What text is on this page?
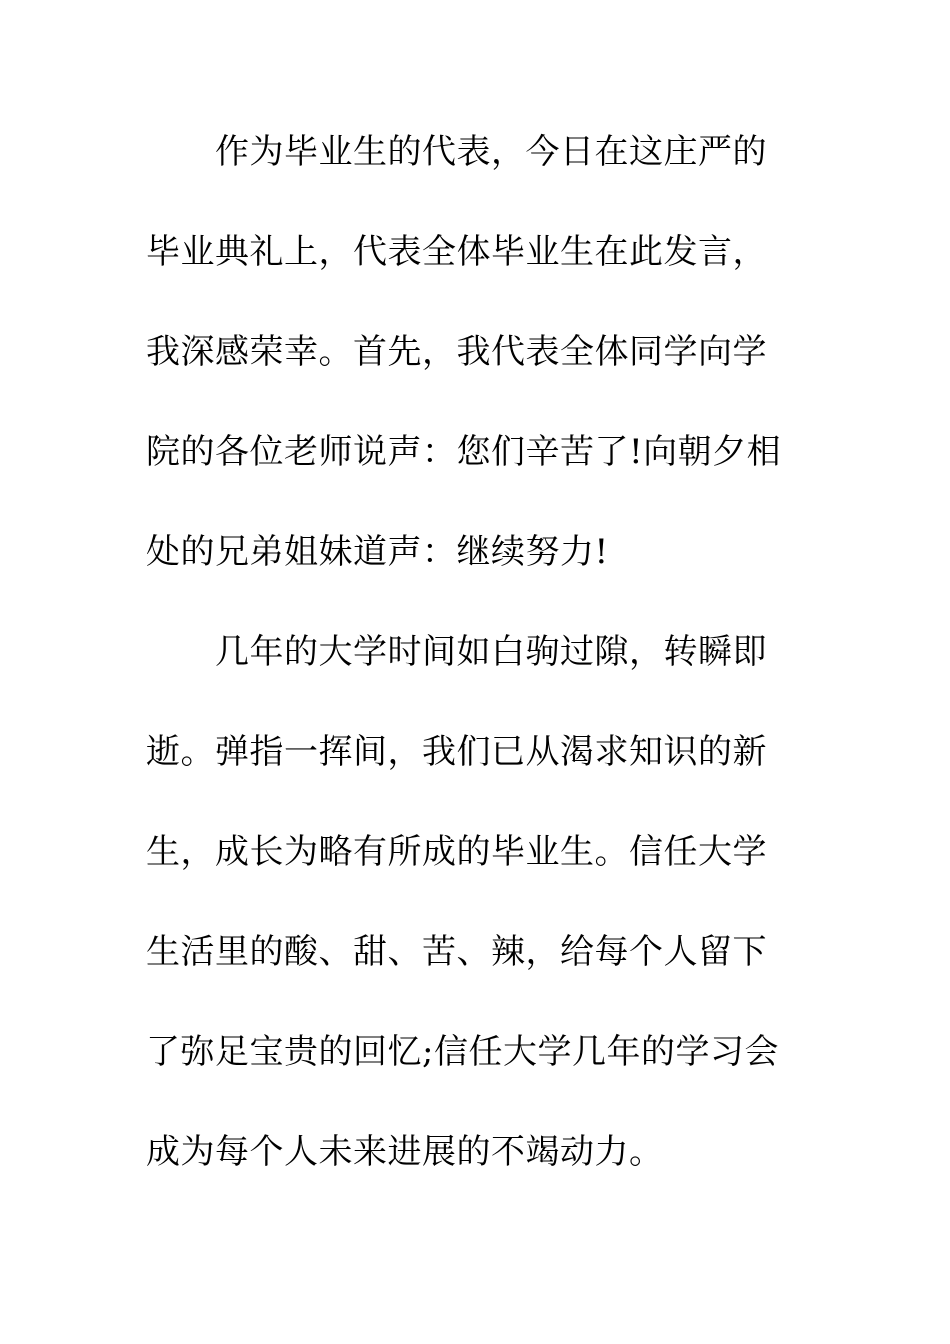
作为毕业生的代表，今日在这庄严的
毕业典礼上，代表全体毕业生在此发言，
我深感荣幸。首先，我代表全体同学向学
院的各位老师说声：您们辛苦了!向朝夕相
处的兄弟姐妹道声：继续努力!
几年的大学时间如白驹过隙，转瞬即
逝。弹指一挥间，我们已从渴求知识的新
生，成长为略有所成的毕业生。信任大学
生活里的酸、甜、苦、辣，给每个人留下
了弥足宝贵的回忆;信任大学几年的学习会
成为每个人未来进展的不竭动力。
